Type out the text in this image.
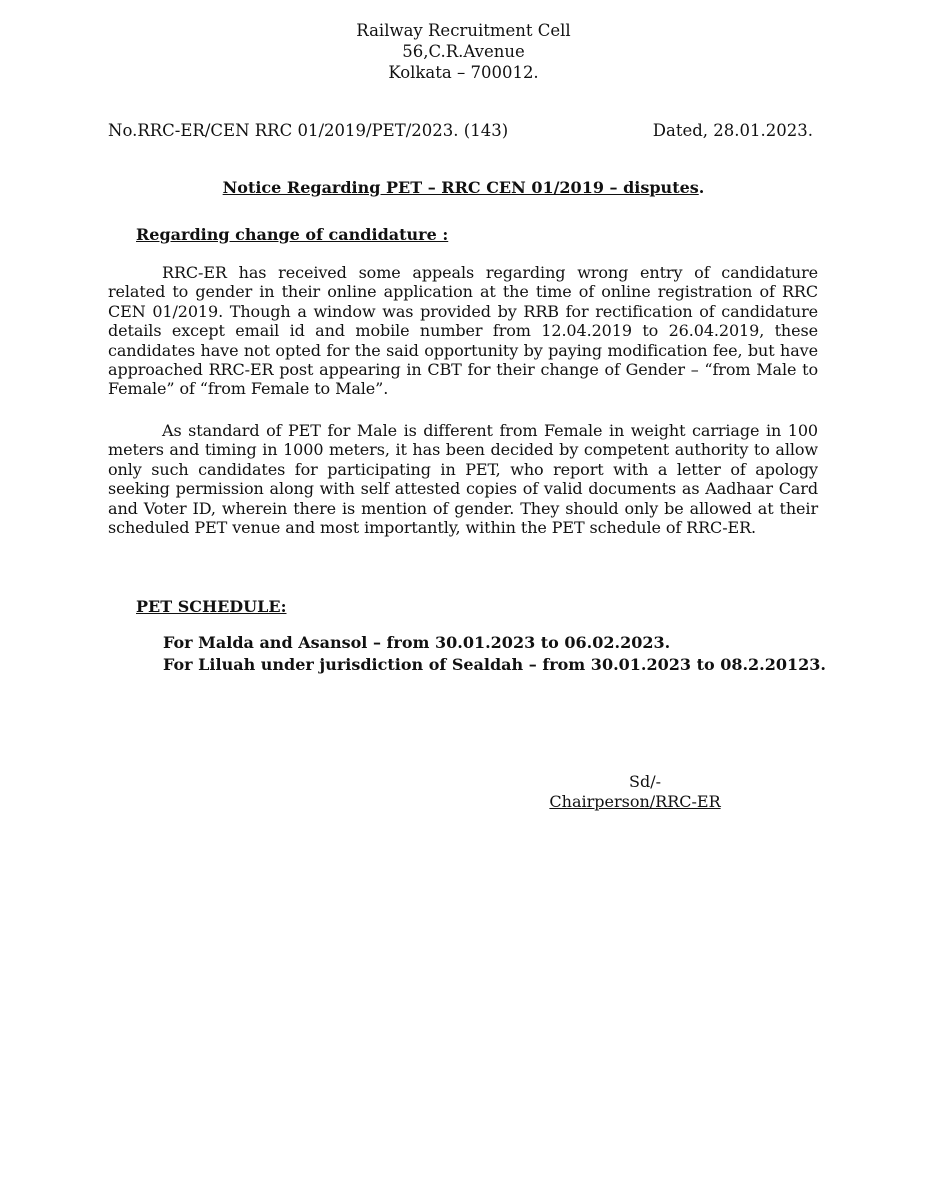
Railway Recruitment Cell
56,C.R.Avenue
Kolkata – 700012.
No.RRC-ER/CEN RRC 01/2019/PET/2023. (143)	Dated, 28.01.2023.
Notice Regarding PET – RRC CEN 01/2019 – disputes.
Regarding change of candidature :
RRC-ER has received some appeals regarding wrong entry of candidature related to gender in their online application at the time of online registration of RRC CEN 01/2019. Though a window was provided by RRB for rectification of candidature details except email id and mobile number from 12.04.2019 to 26.04.2019, these candidates have not opted for the said opportunity by paying modification fee, but have approached RRC-ER post appearing in CBT for their change of Gender – “from Male to Female” of “from Female to Male”.
As standard of PET for Male is different from Female in weight carriage in 100 meters and timing in 1000 meters, it has been decided by competent authority to allow only such candidates for participating in PET, who report with a letter of apology seeking permission along with self attested copies of valid documents as Aadhaar Card and Voter ID, wherein there is mention of gender. They should only be allowed at their scheduled PET venue and most importantly, within the PET schedule of RRC-ER.
PET SCHEDULE:
For Malda and Asansol – from 30.01.2023 to 06.02.2023.
For Liluah under jurisdiction of Sealdah – from 30.01.2023 to 08.2.20123.
Sd/-
Chairperson/RRC-ER
